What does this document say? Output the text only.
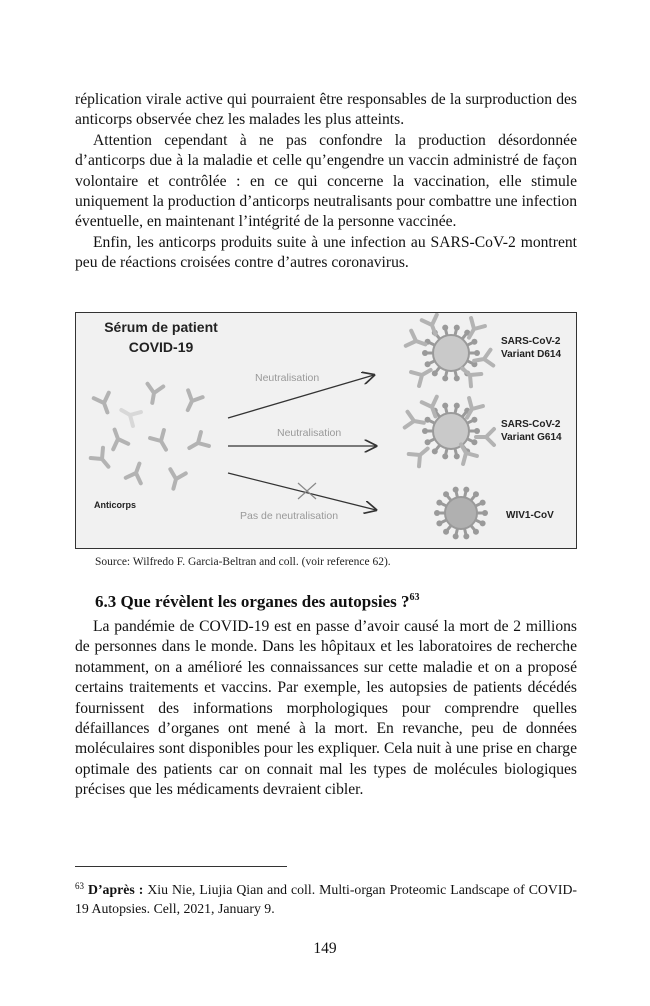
réplication virale active qui pourraient être responsables de la surproduction des anticorps observée chez les malades les plus atteints.

Attention cependant à ne pas confondre la production désordonnée d’anticorps due à la maladie et celle qu’engendre un vaccin administré de façon volontaire et contrôlée : en ce qui concerne la vaccination, elle stimule uniquement la production d’anticorps neutralisants pour combattre une infection éventuelle, en maintenant l’intégrité de la personne vaccinée.

Enfin, les anticorps produits suite à une infection au SARS-CoV-2 montrent peu de réactions croisées contre d’autres coronavirus.

Sérum de patient
COVID-19
Neutralisation
Neutralisation
Pas de neutralisation
Anticorps
SARS-CoV-2
Variant D614
SARS-CoV-2
Variant G614
WIV1-CoV
Source: Wilfredo F. Garcia-Beltran and coll. (voir reference 62).
6.3 Que révèlent les organes des autopsies ?$^{63}$

La pandémie de COVID-19 est en passe d’avoir causé la mort de 2 millions de personnes dans le monde. Dans les hôpitaux et les laboratoires de recherche notamment, on a amélioré les connaissances sur cette maladie et on a proposé certains traitements et vaccins. Par exemple, les autopsies de patients décédés fournissent des informations morphologiques pour comprendre quelles défaillances d’organes ont mené à la mort. En revanche, peu de données moléculaires sont disponibles pour les expliquer. Cela nuit à une prise en charge optimale des patients car on connait mal les types de molécules biologiques précises que les médicaments devraient cibler.

$^{63}$ D’après : Xiu Nie, Liujia Qian and coll. Multi-organ Proteomic Landscape of COVID-19 Autopsies. Cell, 2021, January 9.
149
